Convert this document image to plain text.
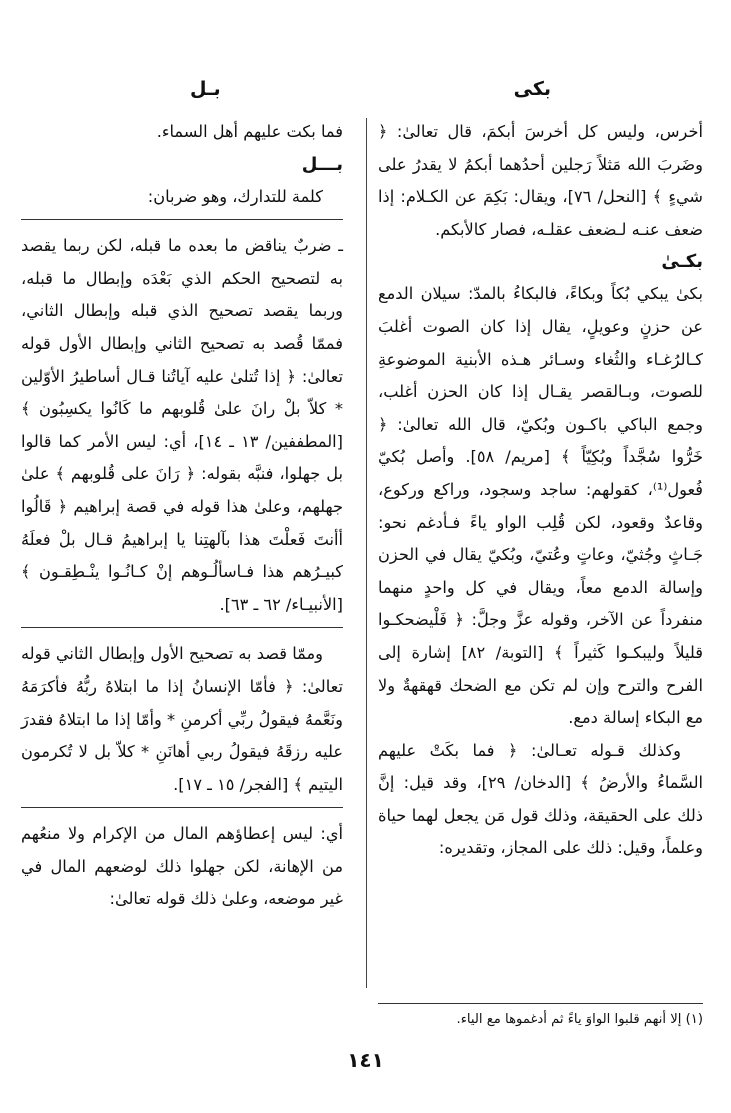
بكى
بـل

أخرس، وليس كل أخرسَ أبكمَ، قال تعالىٰ: ﴿ وضَربَ الله مَثلاً رَجلين أحدُهما أبكمُ لا يقدرُ على شيءٍ ﴾ [النحل/ ٧٦]، ويقال: بَكِمَ عن الكـلام: إذا ضعف عنـه لـضعف عقلـه، فصار كالأبكم.

بكـىٰ

بكىٰ يبكي بُكاً وبكاءً، فالبكاءُ بالمدّ: سيلان الدمع عن حزنٍ وعويلٍ، يقال إذا كان الصوت أغلبَ كـالرُغـاء والثُغاء وسـائر هـذه الأبنية الموضوعةِ للصوت، وبـالقصر يقـال إذا كان الحزن أغلب، وجمع الباكي باكـون وبُكيّ، قال الله تعالىٰ: ﴿ خَرُّوا سُجَّداً وبُكِيّاً ﴾ [مريم/ ٥٨]. وأصل بُكيّ فُعول⁽¹⁾، كقولهم: ساجد وسجود، وراكع وركوع، وقاعدٌ وقعود، لكن قُلِب الواو ياءً فـأدغم نحو: جَـاثٍ وجُثيّ، وعاتٍ وعُتيّ، وبُكيّ يقال في الحزن وإسالة الدمع معاً، ويقال في كل واحدٍ منهما منفرداً عن الآخر، وقوله عزَّ وجلَّ: ﴿ فَلْيضحكـوا قليلاً وليبكـوا كَثيراً ﴾ [التوبة/ ٨٢] إشارة إلى الفرح والترح وإن لم تكن مع الضحك قهقهةٌ ولا مع البكاء إسالة دمع.

وكذلك قـوله تعـالىٰ: ﴿ فما بكَتْ عليهم السَّماءُ والأرضُ ﴾ [الدخان/ ٢٩]، وقد قيل: إنَّ ذلك على الحقيقة، وذلك قول مَن يجعل لهما حياة وعلماً، وقيل: ذلك على المجاز، وتقديره:

فما بكت عليهم أهل السماء.

بـــل

كلمة للتدارك، وهو ضربان:

ـ ضربٌ يناقض ما بعده ما قبله، لكن ربما يقصد به لتصحيح الحكم الذي بَعْدَه وإبطال ما قبله، وربما يقصد تصحيح الذي قبله وإبطال الثاني، فممّا قُصد به تصحيح الثاني وإبطال الأول قوله تعالىٰ: ﴿ إذا تُتلىٰ عليه آياتُنا قـال أساطيرُ الأوّلين * كلاّ بلْ رانَ علىٰ قُلوبهم ما كَانُوا يكسِبُون ﴾ [المطففين/ ١٣ ـ ١٤]، أي: ليس الأمر كما قالوا بل جهلوا، فنبَّه بقوله: ﴿ رَانَ على قُلوبهم ﴾ علىٰ جهلهم، وعلىٰ هذا قوله في قصة إبراهيم ﴿ قَالُوا أأنتَ فَعلْتَ هذا بآلهتِنا يا إبراهيمُ قـال بلْ فعلَهُ كبيـرُهم هذا فـاسألُـوهم إنْ كـانُـوا ينْـطِقـون ﴾ [الأنبيـاء/ ٦٢ ـ ٦٣].

وممّا قصد به تصحيح الأول وإبطال الثاني قوله تعالىٰ: ﴿ فأمّا الإنسانُ إذا ما ابتلاهُ ربُّهُ فأكرَمَهُ ونَعَّمهُ فيقولُ ربِّي أكرمنِ * وأمّا إذا ما ابتلاهُ فقدرَ عليه رزقَهُ فيقولُ ربي أهانَنِ * كلاّ بل لا تُكرمون اليتيم ﴾ [الفجر/ ١٥ ـ ١٧].

أي: ليس إعطاؤهم المال من الإكرام ولا منعُهم من الإهانة، لكن جهلوا ذلك لوضعهم المال في غير موضعه، وعلىٰ ذلك قوله تعالىٰ:

(١) إلا أنهم قلبوا الواوَ ياءً ثم أدغموها مع الياء.
١٤١
